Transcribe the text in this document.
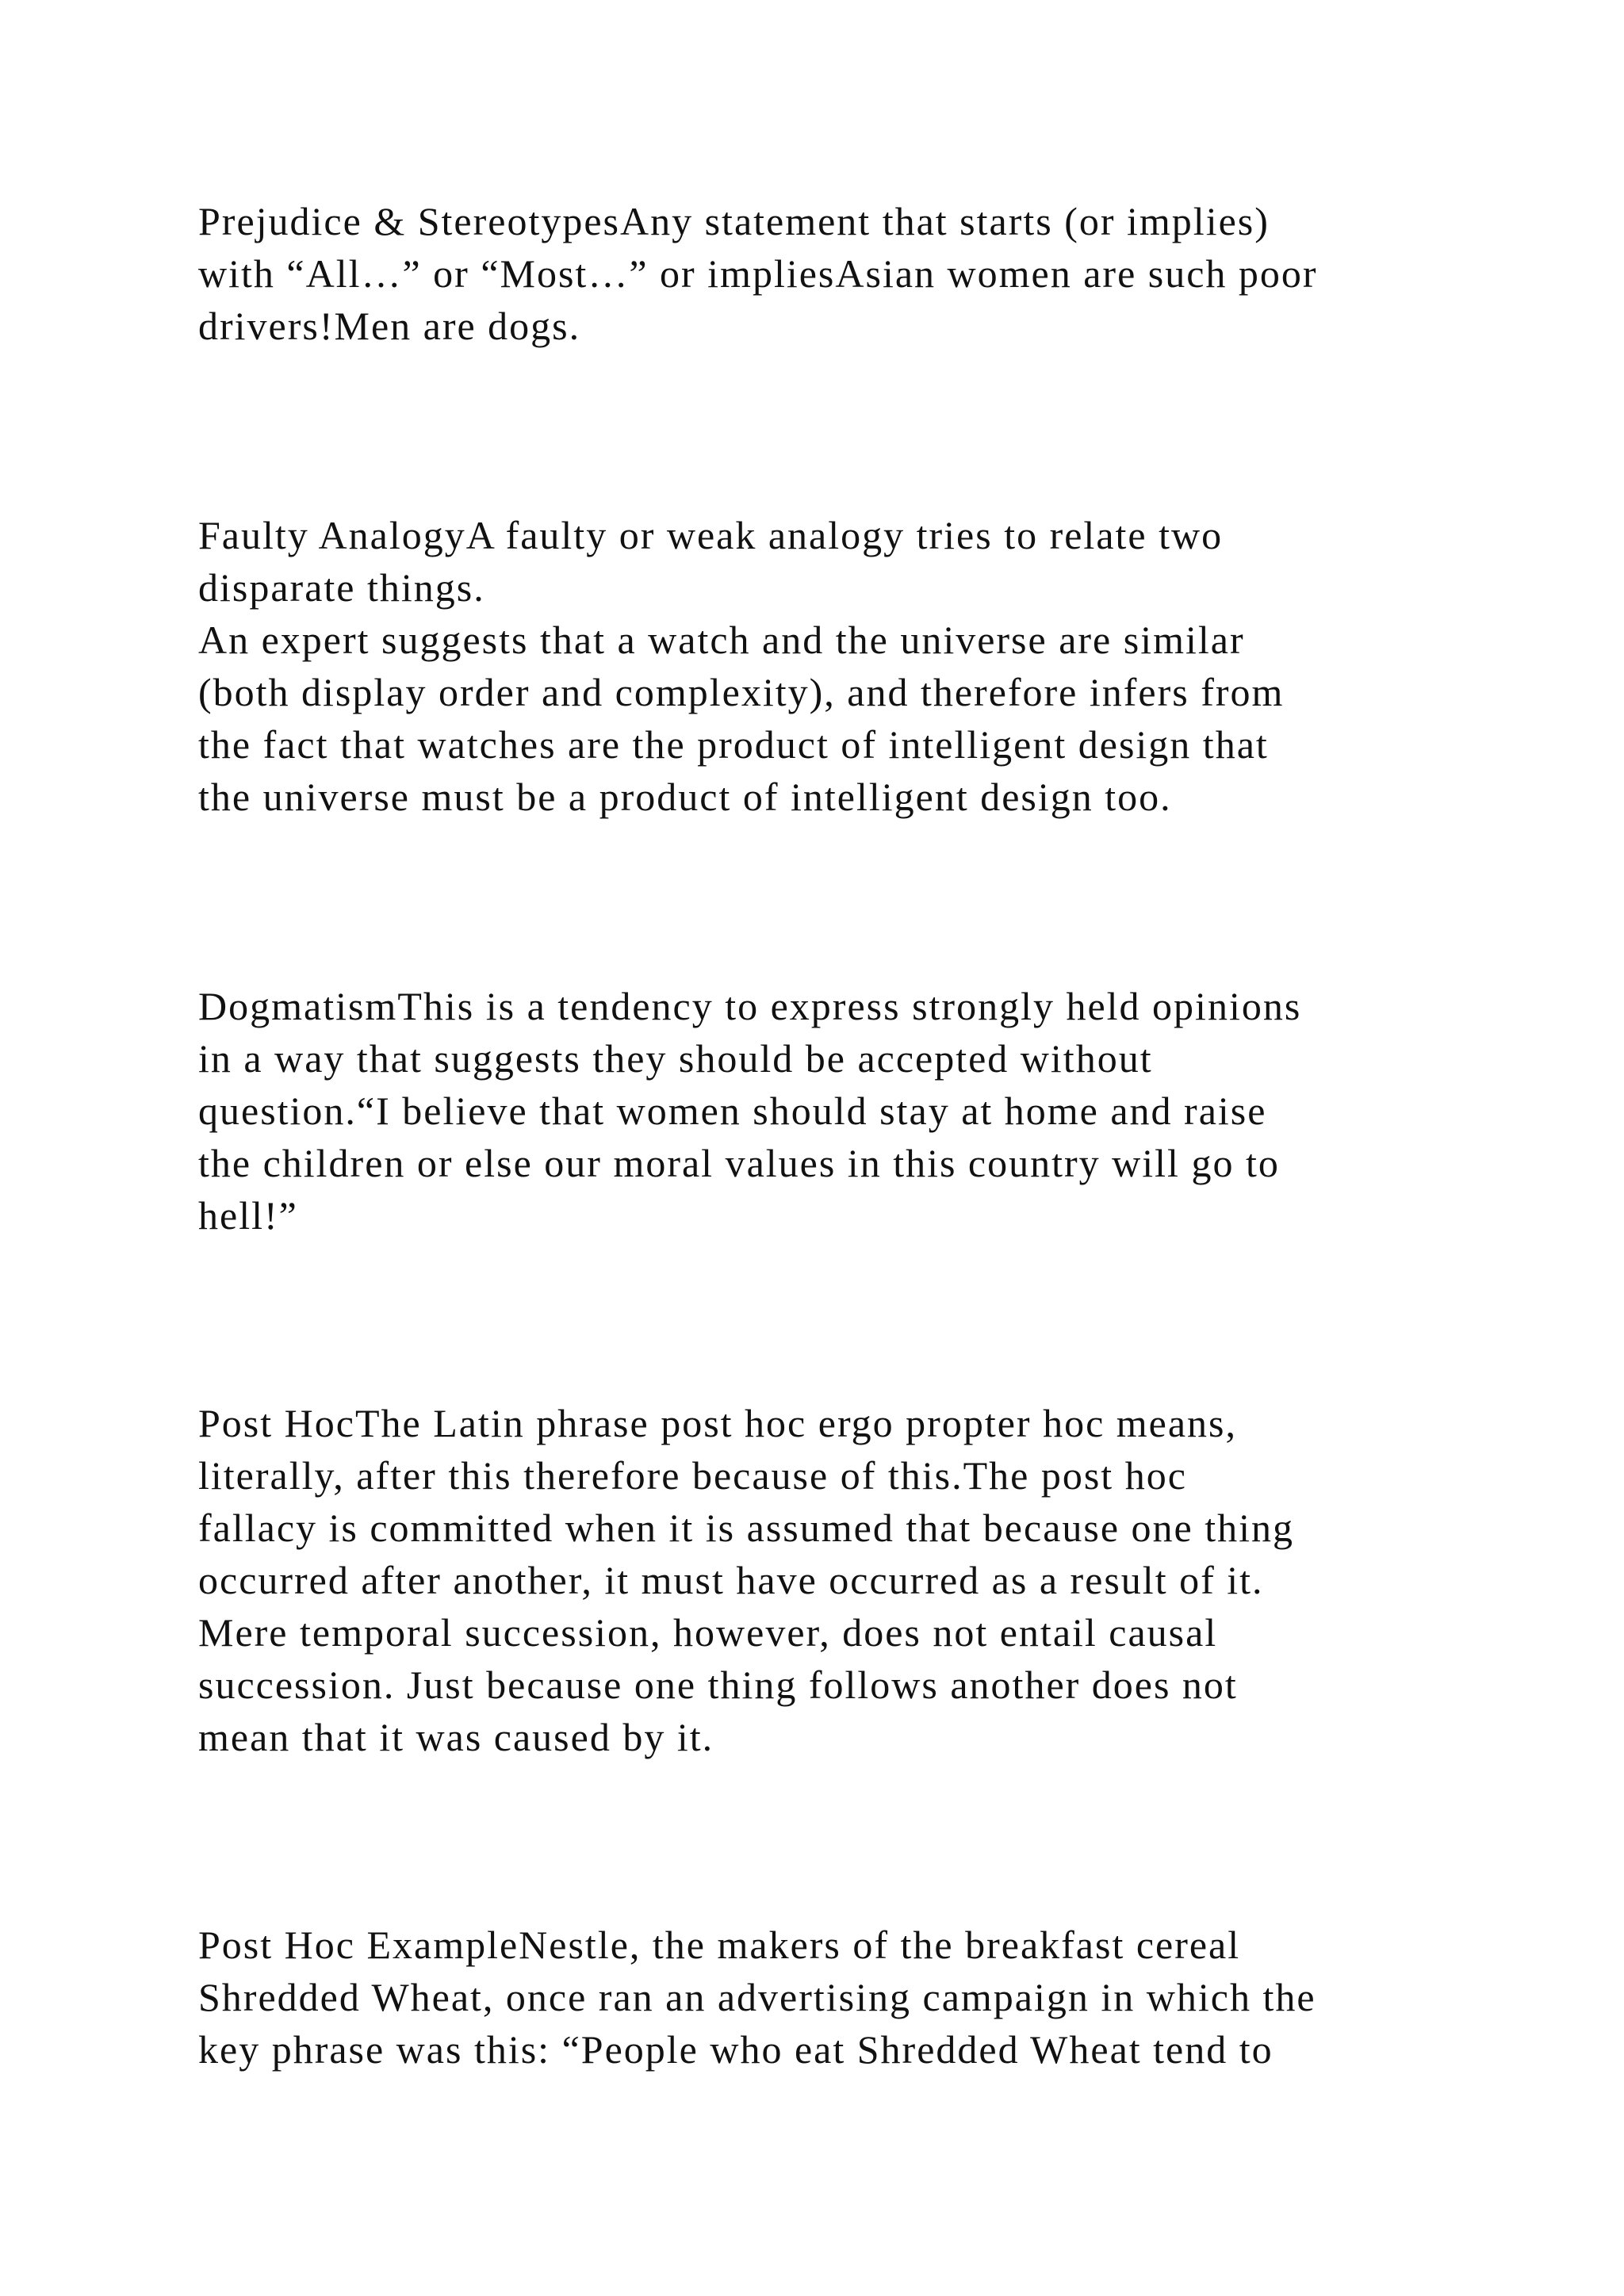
Prejudice & StereotypesAny statement that starts (or implies)
with “All…” or “Most…” or impliesAsian women are such poor
drivers!Men are dogs.

Faulty AnalogyA faulty or weak analogy tries to relate two
disparate things.
An expert suggests that a watch and the universe are similar
(both display order and complexity), and therefore infers from
the fact that watches are the product of intelligent design that
the universe must be a product of intelligent design too.

DogmatismThis is a tendency to express strongly held opinions
in a way that suggests they should be accepted without
question.“I believe that women should stay at home and raise
the children or else our moral values in this country will go to
hell!”

Post HocThe Latin phrase post hoc ergo propter hoc means,
literally, after this therefore because of this.The post hoc
fallacy is committed when it is assumed that because one thing
occurred after another, it must have occurred as a result of it.
Mere temporal succession, however, does not entail causal
succession. Just because one thing follows another does not
mean that it was caused by it.

Post Hoc ExampleNestle, the makers of the breakfast cereal
Shredded Wheat, once ran an advertising campaign in which the
key phrase was this: “People who eat Shredded Wheat tend to
